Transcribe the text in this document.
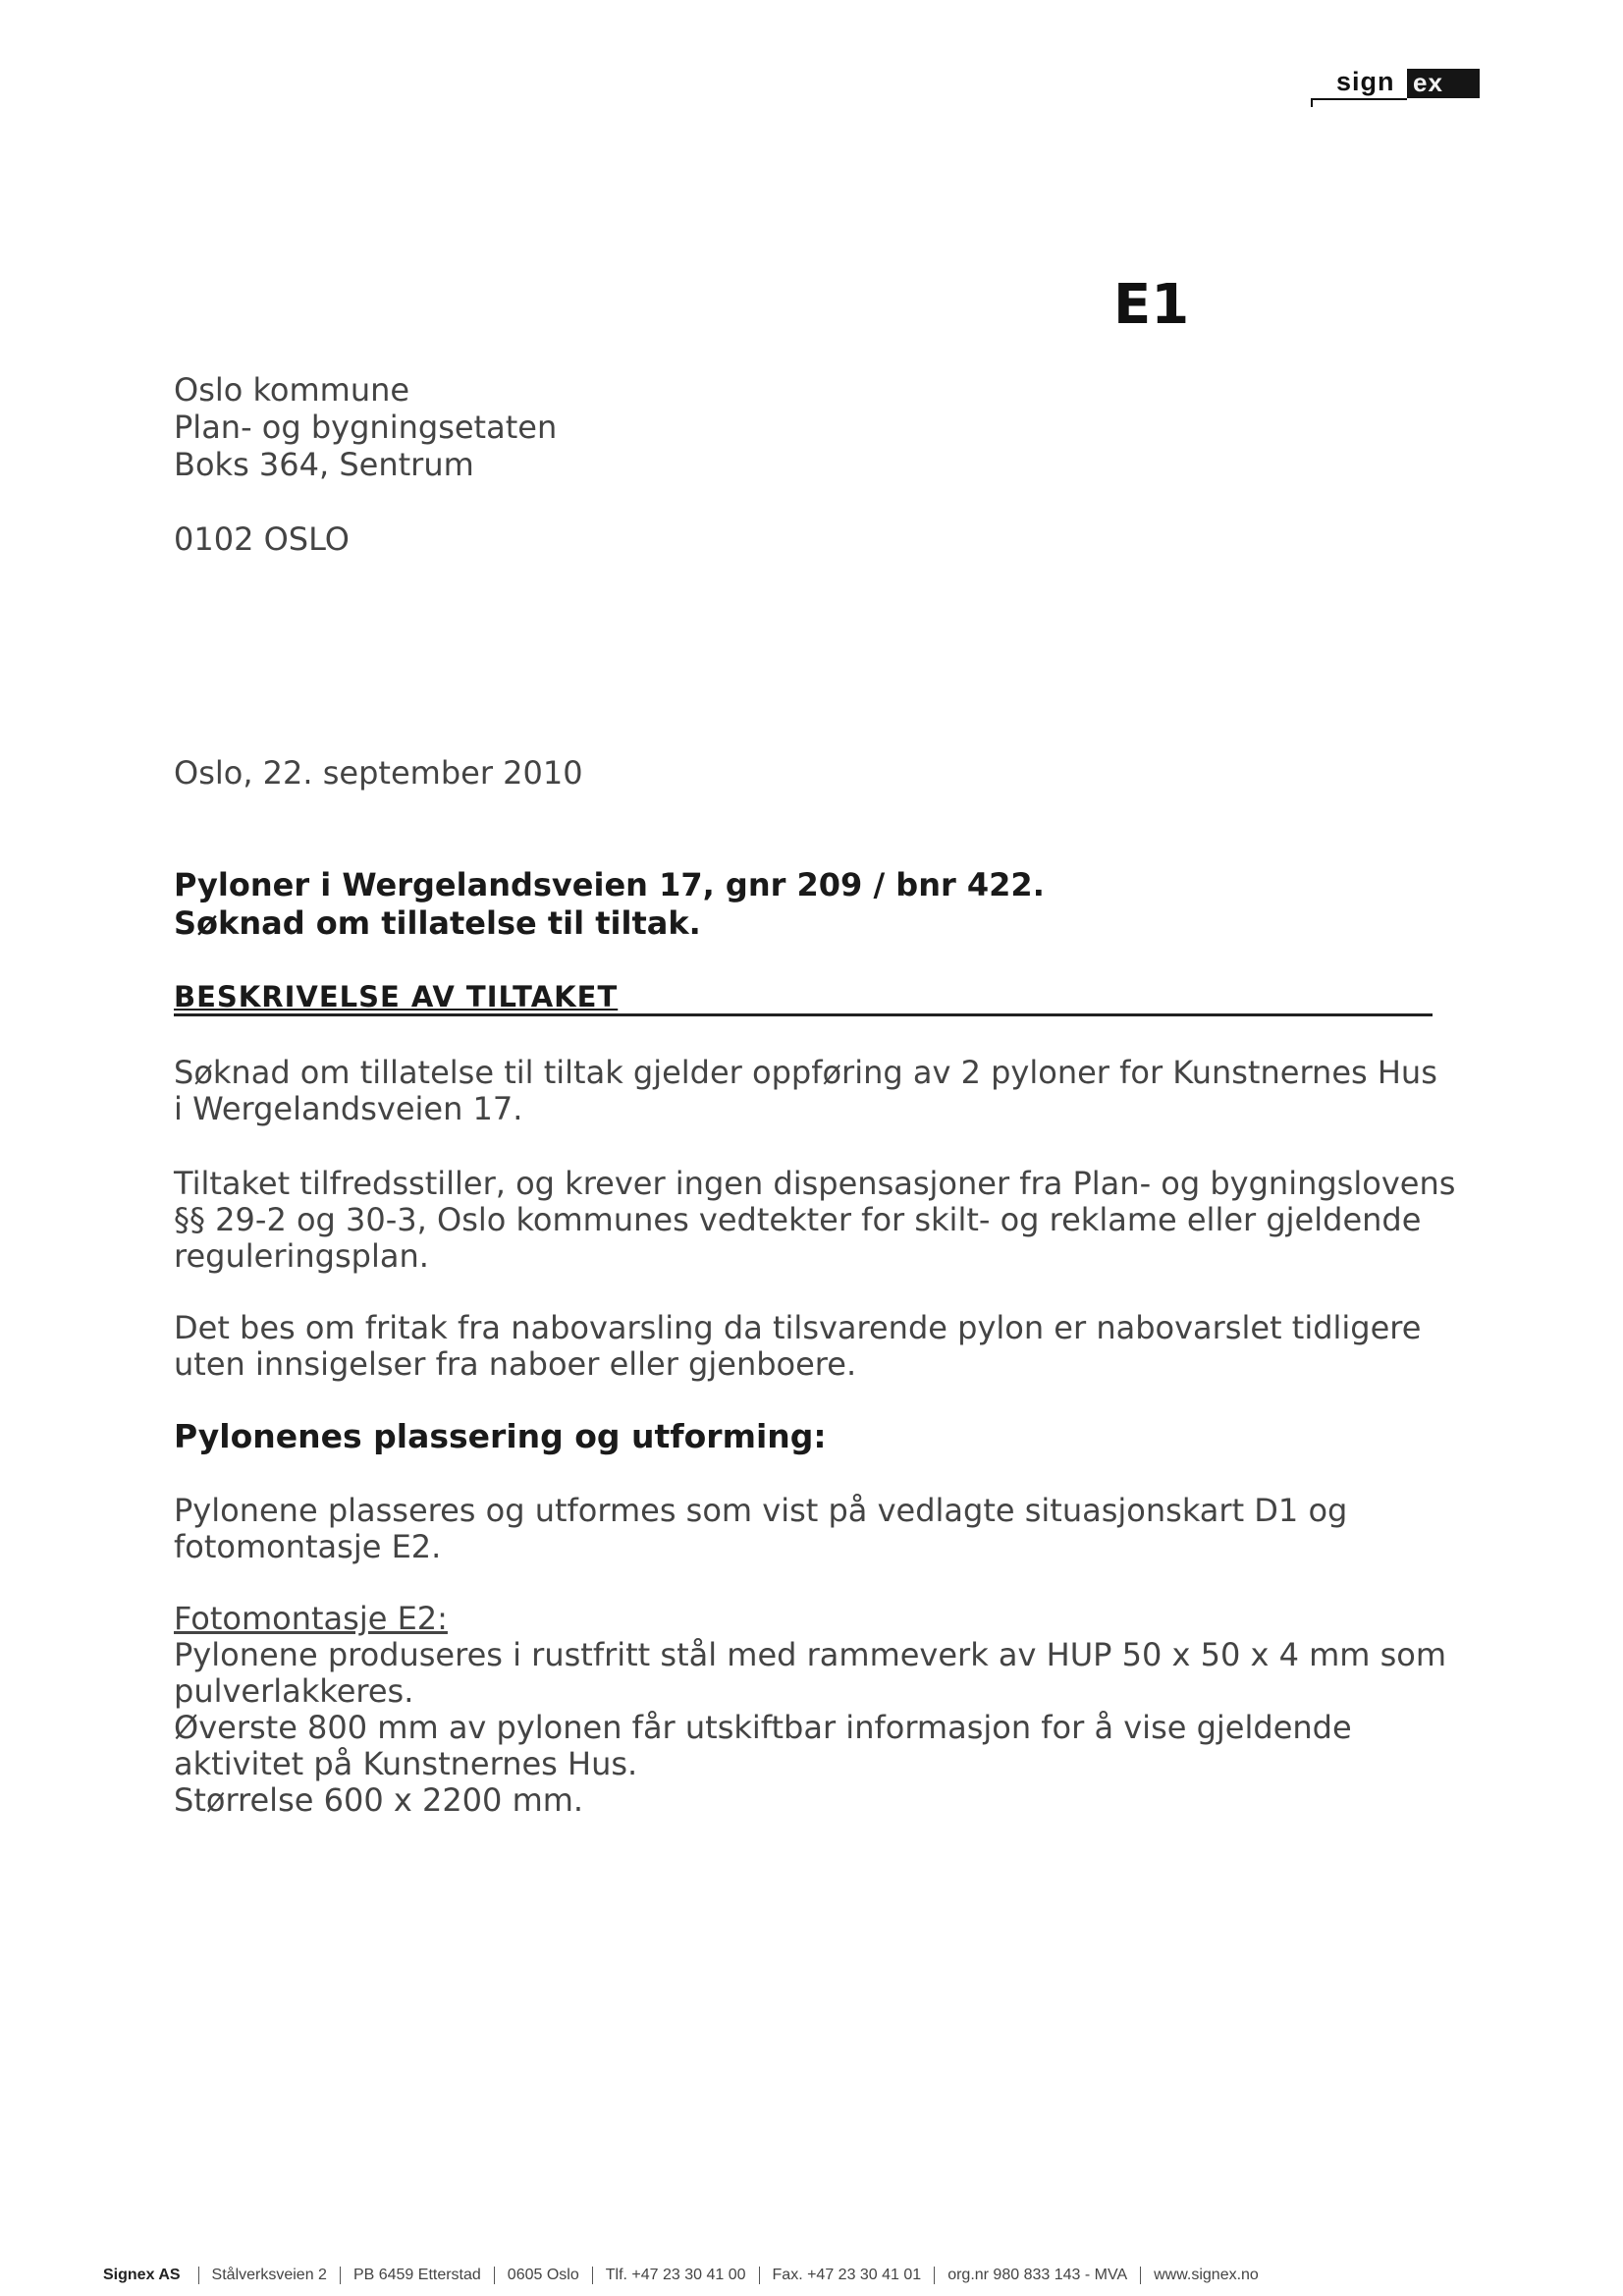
sign ex
E1
Oslo kommune
Plan- og bygningsetaten
Boks 364, Sentrum
0102 OSLO
Oslo, 22. september 2010
Pyloner i Wergelandsveien 17, gnr 209 / bnr 422.
Søknad om tillatelse til tiltak.
BESKRIVELSE AV TILTAKET
Søknad om tillatelse til tiltak gjelder oppføring av 2 pyloner for Kunstnernes Hus
i Wergelandsveien 17.
Tiltaket tilfredsstiller, og krever ingen dispensasjoner fra Plan- og bygningslovens
§§ 29-2 og 30-3, Oslo kommunes vedtekter for skilt- og reklame eller gjeldende
reguleringsplan.
Det bes om fritak fra nabovarsling da tilsvarende pylon er nabovarslet tidligere
uten innsigelser fra naboer eller gjenboere.
Pylonenes plassering og utforming:
Pylonene plasseres og utformes som vist på vedlagte situasjonskart D1 og
fotomontasje E2.
Fotomontasje E2:
Pylonene produseres i rustfritt stål med rammeverk av HUP 50 x 50 x 4 mm som
pulverlakkeres.
Øverste 800 mm av pylonen får utskiftbar informasjon for å vise gjeldende
aktivitet på Kunstnernes Hus.
Størrelse 600 x 2200 mm.
Signex AS	Stålverksveien 2	PB 6459 Etterstad	0605 Oslo	Tlf. +47 23 30 41 00	Fax. +47 23 30 41 01	org.nr 980 833 143 - MVA	www.signex.no
